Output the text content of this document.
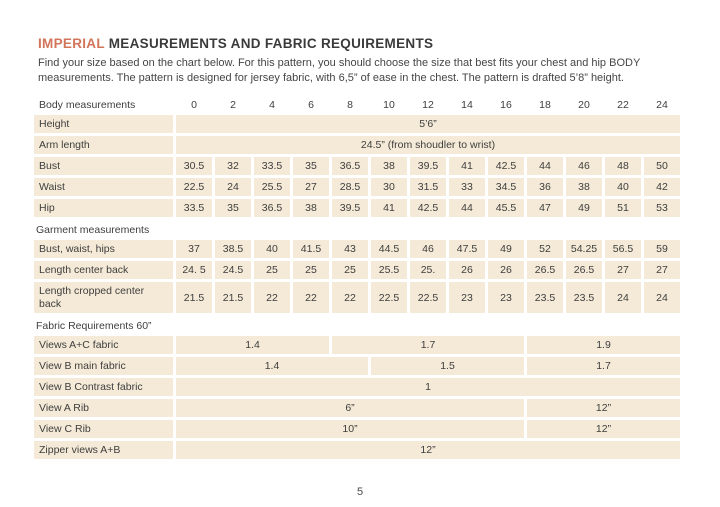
IMPERIAL MEASUREMENTS AND FABRIC REQUIREMENTS

Find your size based on the chart below. For this pattern, you should choose the size that best fits your chest and hip BODY measurements. The pattern is designed for jersey fabric, with 6,5” of ease in the chest. The pattern is drafted 5’8” height.

Body measurements	0	2	4	6	8	10	12	14	16	18	20	22	24
Height	5’6”												
Arm length	24.5” (from shoudler to wrist)												
Bust	30.5	32	33.5	35	36.5	38	39.5	41	42.5	44	46	48	50
Waist	22.5	24	25.5	27	28.5	30	31.5	33	34.5	36	38	40	42
Hip	33.5	35	36.5	38	39.5	41	42.5	44	45.5	47	49	51	53
Garment measurements													
Bust, waist, hips	37	38.5	40	41.5	43	44.5	46	47.5	49	52	54.25	56.5	59
Length center back	24. 5	24.5	25	25	25	25.5	25.	26	26	26.5	26.5	27	27
Length cropped center back	21.5	21.5	22	22	22	22.5	22.5	23	23	23.5	23.5	24	24
Fabric Requirements 60”													
Views A+C fabric	1.4				1.7					1.9			
View B main fabric	1.4					1.5				1.7			
View B Contrast fabric	1												
View A Rib	6”									12”			
View C Rib	10”									12”			
Zipper views A+B	12”												
5
